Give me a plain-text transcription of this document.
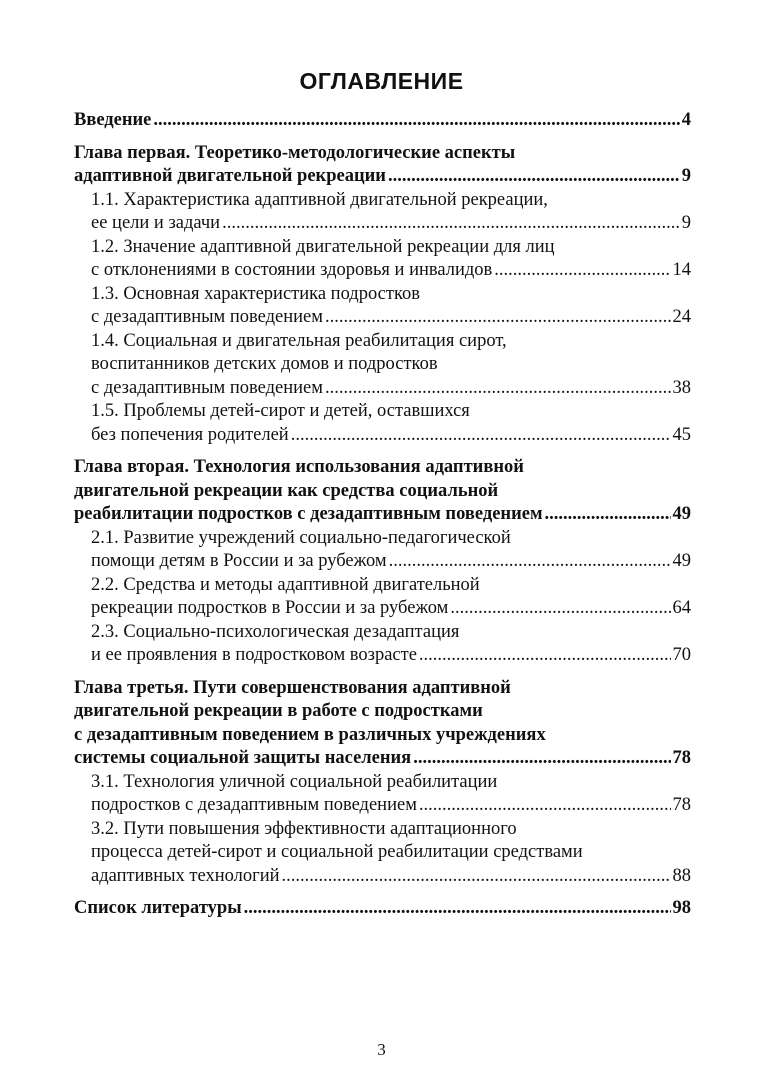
ОГЛАВЛЕНИЕ
Введение .....	4
Глава первая. Теоретико-методологические аспекты
адаптивной двигательной рекреации .....	9
1.1. Характеристика адаптивной двигательной рекреации,
ее цели и задачи .....	9
1.2. Значение адаптивной двигательной рекреации для лиц
с отклонениями в состоянии здоровья и инвалидов .....	14
1.3. Основная характеристика подростков
с дезадаптивным поведением .....	24
1.4. Социальная и двигательная реабилитация сирот,
воспитанников детских домов и подростков
с дезадаптивным поведением .....	38
1.5. Проблемы детей-сирот и детей, оставшихся
без попечения родителей .....	45
Глава вторая. Технология использования адаптивной
двигательной рекреации как средства социальной
реабилитации подростков с дезадаптивным поведением .....	49
2.1. Развитие учреждений социально-педагогической
помощи детям в России и за рубежом .....	49
2.2. Средства и методы адаптивной двигательной
рекреации подростков в России и за рубежом .....	64
2.3. Социально-психологическая дезадаптация
и ее проявления в подростковом возрасте .....	70
Глава третья. Пути совершенствования адаптивной
двигательной рекреации в работе с подростками
с дезадаптивным поведением в различных учреждениях
системы социальной защиты населения .....	78
3.1. Технология уличной социальной реабилитации
подростков с дезадаптивным поведением .....	78
3.2. Пути повышения эффективности адаптационного
процесса детей-сирот и социальной реабилитации средствами
адаптивных технологий .....	88
Список литературы .....	98
3
